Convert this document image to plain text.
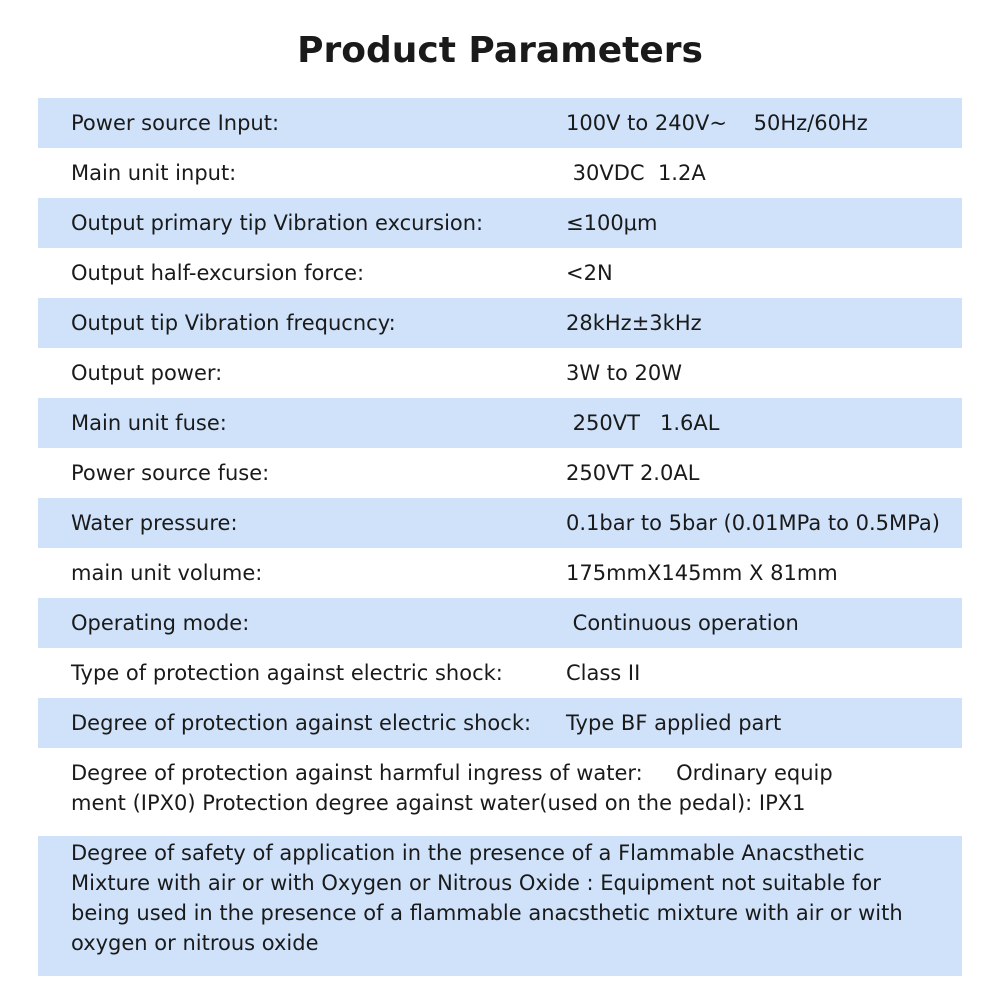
Product Parameters
Power source Input:	100V to 240V~    50Hz/60Hz
Main unit input:	30VDC  1.2A
Output primary tip Vibration excursion:	≤100μm
Output half-excursion force:	<2N
Output tip Vibration frequcncy:	28kHz±3kHz
Output power:	3W to 20W
Main unit fuse:	250VT   1.6AL
Power source fuse:	250VT 2.0AL
Water pressure:	0.1bar to 5bar (0.01MPa to 0.5MPa)
main unit volume:	175mmX145mm X 81mm
Operating mode:	Continuous operation
Type of protection against electric shock:	Class II
Degree of protection against electric shock: Type BF applied part
Degree of protection against harmful ingress of water:     Ordinary equip
ment (IPX0) Protection degree against water(used on the pedal): IPX1
Degree of safety of application in the presence of a Flammable Anacsthetic
Mixture with air or with Oxygen or Nitrous Oxide : Equipment not suitable for
being used in the presence of a flammable anacsthetic mixture with air or with
oxygen or nitrous oxide
